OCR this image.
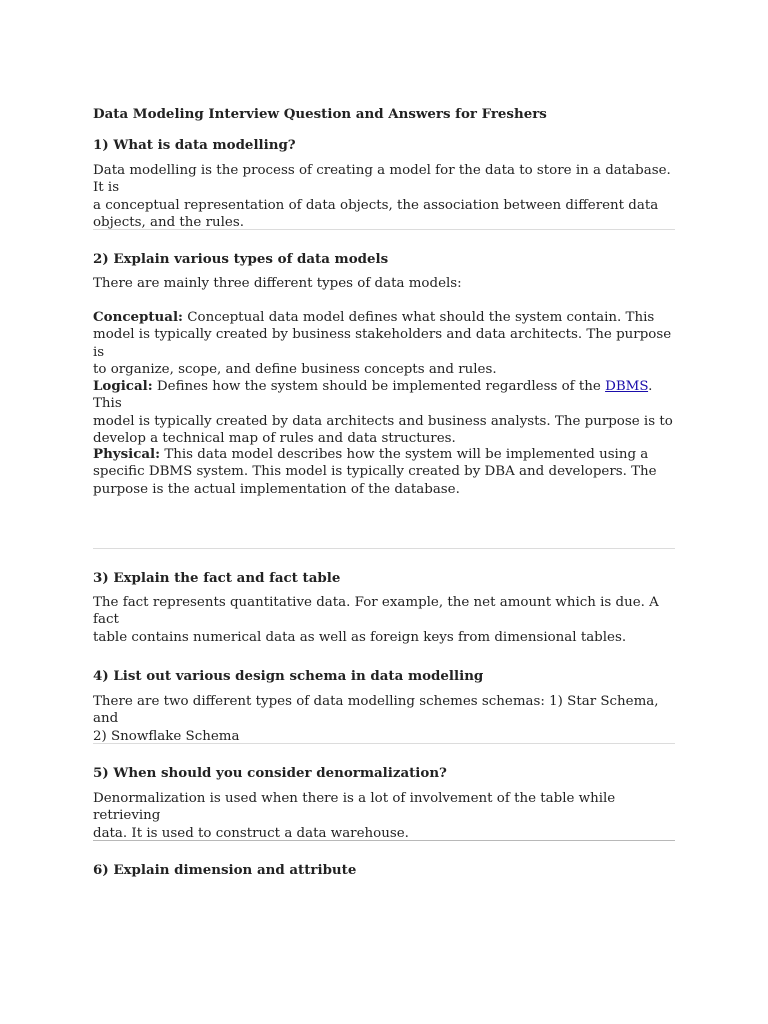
Data Modeling Interview Question and Answers for Freshers
1) What is data modelling?

Data modelling is the process of creating a model for the data to store in a database. It is
a conceptual representation of data objects, the association between different data
objects, and the rules.

2) Explain various types of data models

There are mainly three different types of data models:

Conceptual: Conceptual data model defines what should the system contain. This
model is typically created by business stakeholders and data architects. The purpose is
to organize, scope, and define business concepts and rules.

Logical: Defines how the system should be implemented regardless of the DBMS. This
model is typically created by data architects and business analysts. The purpose is to
develop a technical map of rules and data structures.

Physical: This data model describes how the system will be implemented using a
specific DBMS system. This model is typically created by DBA and developers. The
purpose is the actual implementation of the database.

3) Explain the fact and fact table

The fact represents quantitative data. For example, the net amount which is due. A fact
table contains numerical data as well as foreign keys from dimensional tables.

4) List out various design schema in data modelling

There are two different types of data modelling schemes schemas: 1) Star Schema, and
2) Snowflake Schema

5) When should you consider denormalization?

Denormalization is used when there is a lot of involvement of the table while retrieving
data. It is used to construct a data warehouse.

6) Explain dimension and attribute
